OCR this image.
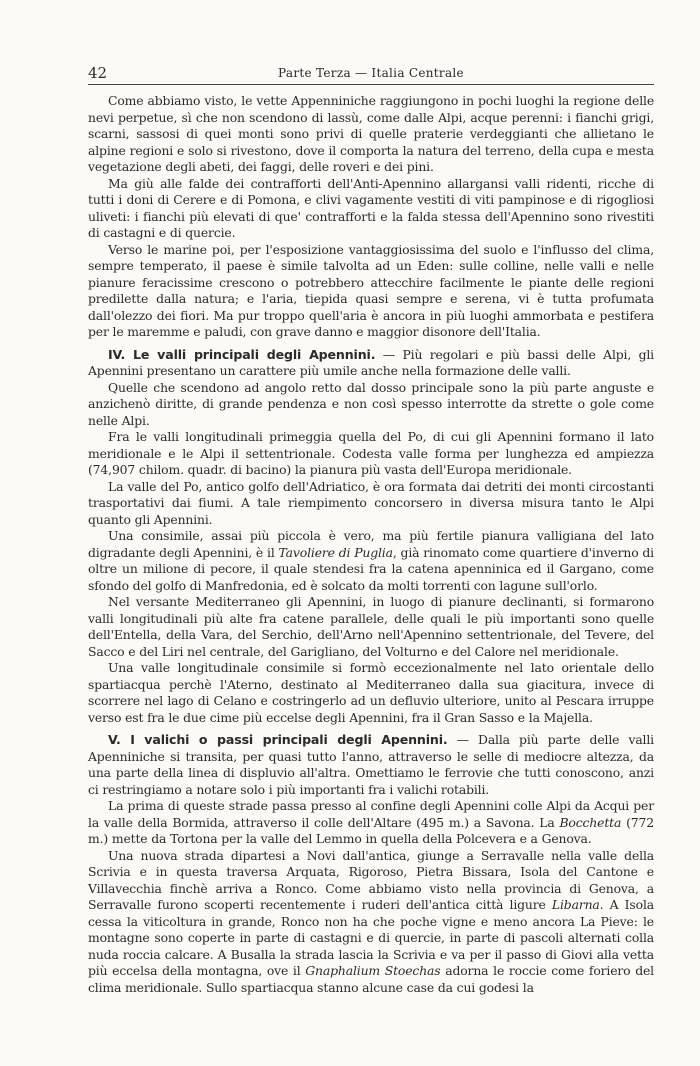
42	Parte Terza — Italia Centrale

Come abbiamo visto, le vette Appenniniche raggiungono in pochi luoghi la regione delle nevi perpetue, sì che non scendono di lassù, come dalle Alpi, acque perenni: i fianchi grigi, scarni, sassosi di quei monti sono privi di quelle praterie verdeggianti che allietano le alpine regioni e solo si rivestono, dove il comporta la natura del terreno, della cupa e mesta vegetazione degli abeti, dei faggi, delle roveri e dei pini.

Ma giù alle falde dei contrafforti dell'Anti-Apennino allargansi valli ridenti, ricche di tutti i doni di Cerere e di Pomona, e clivi vagamente vestiti di viti pampinose e di rigogliosi uliveti: i fianchi più elevati di que' contrafforti e la falda stessa dell'Apennino sono rivestiti di castagni e di quercie.

Verso le marine poi, per l'esposizione vantaggiosissima del suolo e l'influsso del clima, sempre temperato, il paese è simile talvolta ad un Eden: sulle colline, nelle valli e nelle pianure feracissime crescono o potrebbero attecchire facilmente le piante delle regioni predilette dalla natura; e l'aria, tiepida quasi sempre e serena, vi è tutta profumata dall'olezzo dei fiori. Ma pur troppo quell'aria è ancora in più luoghi ammorbata e pestifera per le maremme e paludi, con grave danno e maggior disonore dell'Italia.

IV. Le valli principali degli Apennini. — Più regolari e più bassi delle Alpi, gli Apennini presentano un carattere più umile anche nella formazione delle valli.

Quelle che scendono ad angolo retto dal dosso principale sono la più parte anguste e anzichenò diritte, di grande pendenza e non così spesso interrotte da strette o gole come nelle Alpi.

Fra le valli longitudinali primeggia quella del Po, di cui gli Apennini formano il lato meridionale e le Alpi il settentrionale. Codesta valle forma per lunghezza ed ampiezza (74,907 chilom. quadr. di bacino) la pianura più vasta dell'Europa meridionale.

La valle del Po, antico golfo dell'Adriatico, è ora formata dai detriti dei monti circostanti trasportativi dai fiumi. A tale riempimento concorsero in diversa misura tanto le Alpi quanto gli Apennini.

Una consimile, assai più piccola è vero, ma più fertile pianura valligiana del lato digradante degli Apennini, è il Tavoliere di Puglia, già rinomato come quartiere d'inverno di oltre un milione di pecore, il quale stendesi fra la catena apenninica ed il Gargano, come sfondo del golfo di Manfredonia, ed è solcato da molti torrenti con lagune sull'orlo.

Nel versante Mediterraneo gli Apennini, in luogo di pianure declinanti, si formarono valli longitudinali più alte fra catene parallele, delle quali le più importanti sono quelle dell'Entella, della Vara, del Serchio, dell'Arno nell'Apennino settentrionale, del Tevere, del Sacco e del Liri nel centrale, del Garigliano, del Volturno e del Calore nel meridionale.

Una valle longitudinale consimile si formò eccezionalmente nel lato orientale dello spartiacqua perchè l'Aterno, destinato al Mediterraneo dalla sua giacitura, invece di scorrere nel lago di Celano e costringerlo ad un defluvio ulteriore, unito al Pescara irruppe verso est fra le due cime più eccelse degli Apennini, fra il Gran Sasso e la Majella.

V. I valichi o passi principali degli Apennini. — Dalla più parte delle valli Apenniniche si transita, per quasi tutto l'anno, attraverso le selle di mediocre altezza, da una parte della linea di displuvio all'altra. Omettiamo le ferrovie che tutti conoscono, anzi ci restringiamo a notare solo i più importanti fra i valichi rotabili.

La prima di queste strade passa presso al confine degli Apennini colle Alpi da Acqui per la valle della Bormida, attraverso il colle dell'Altare (495 m.) a Savona. La Bocchetta (772 m.) mette da Tortona per la valle del Lemmo in quella della Polcevera e a Genova.

Una nuova strada dipartesi a Novi dall'antica, giunge a Serravalle nella valle della Scrivia e in questa traversa Arquata, Rigoroso, Pietra Bissara, Isola del Cantone e Villavecchia finchè arriva a Ronco. Come abbiamo visto nella provincia di Genova, a Serravalle furono scoperti recentemente i ruderi dell'antica città ligure Libarna. A Isola cessa la viticoltura in grande, Ronco non ha che poche vigne e meno ancora La Pieve: le montagne sono coperte in parte di castagni e di quercie, in parte di pascoli alternati colla nuda roccia calcare. A Busalla la strada lascia la Scrivia e va per il passo di Giovi alla vetta più eccelsa della montagna, ove il Gnaphalium Stoechas adorna le roccie come foriero del clima meridionale. Sullo spartiacqua stanno alcune case da cui godesi la
